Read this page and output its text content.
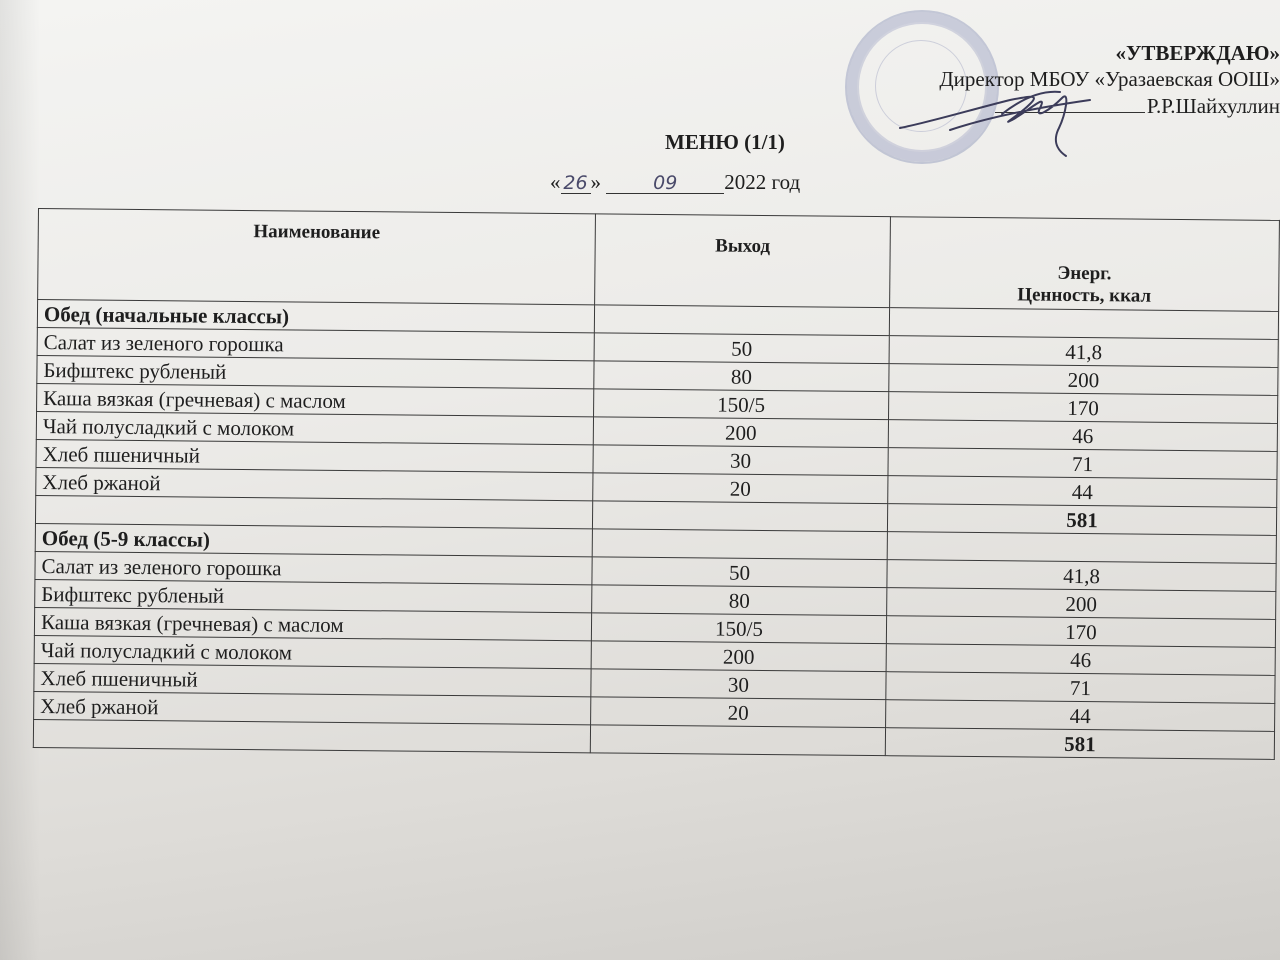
«УТВЕРЖДАЮ»
Директор МБОУ «Уразаевская ООШ»
Р.Р.Шайхуллин
МЕНЮ (1/1)
« 26 »	09 2022 год
Наименование	Выход	Энерг.
Ценность, ккал
Обед (начальные классы)		
Салат из зеленого горошка	50	41,8
Бифштекс рубленый	80	200
Каша вязкая (гречневая) с маслом	150/5	170
Чай полусладкий с молоком	200	46
Хлеб пшеничный	30	71
Хлеб ржаной	20	44
		581
Обед (5-9 классы)		
Салат из зеленого горошка	50	41,8
Бифштекс рубленый	80	200
Каша вязкая (гречневая) с маслом	150/5	170
Чай полусладкий с молоком	200	46
Хлеб пшеничный	30	71
Хлеб ржаной	20	44
		581
